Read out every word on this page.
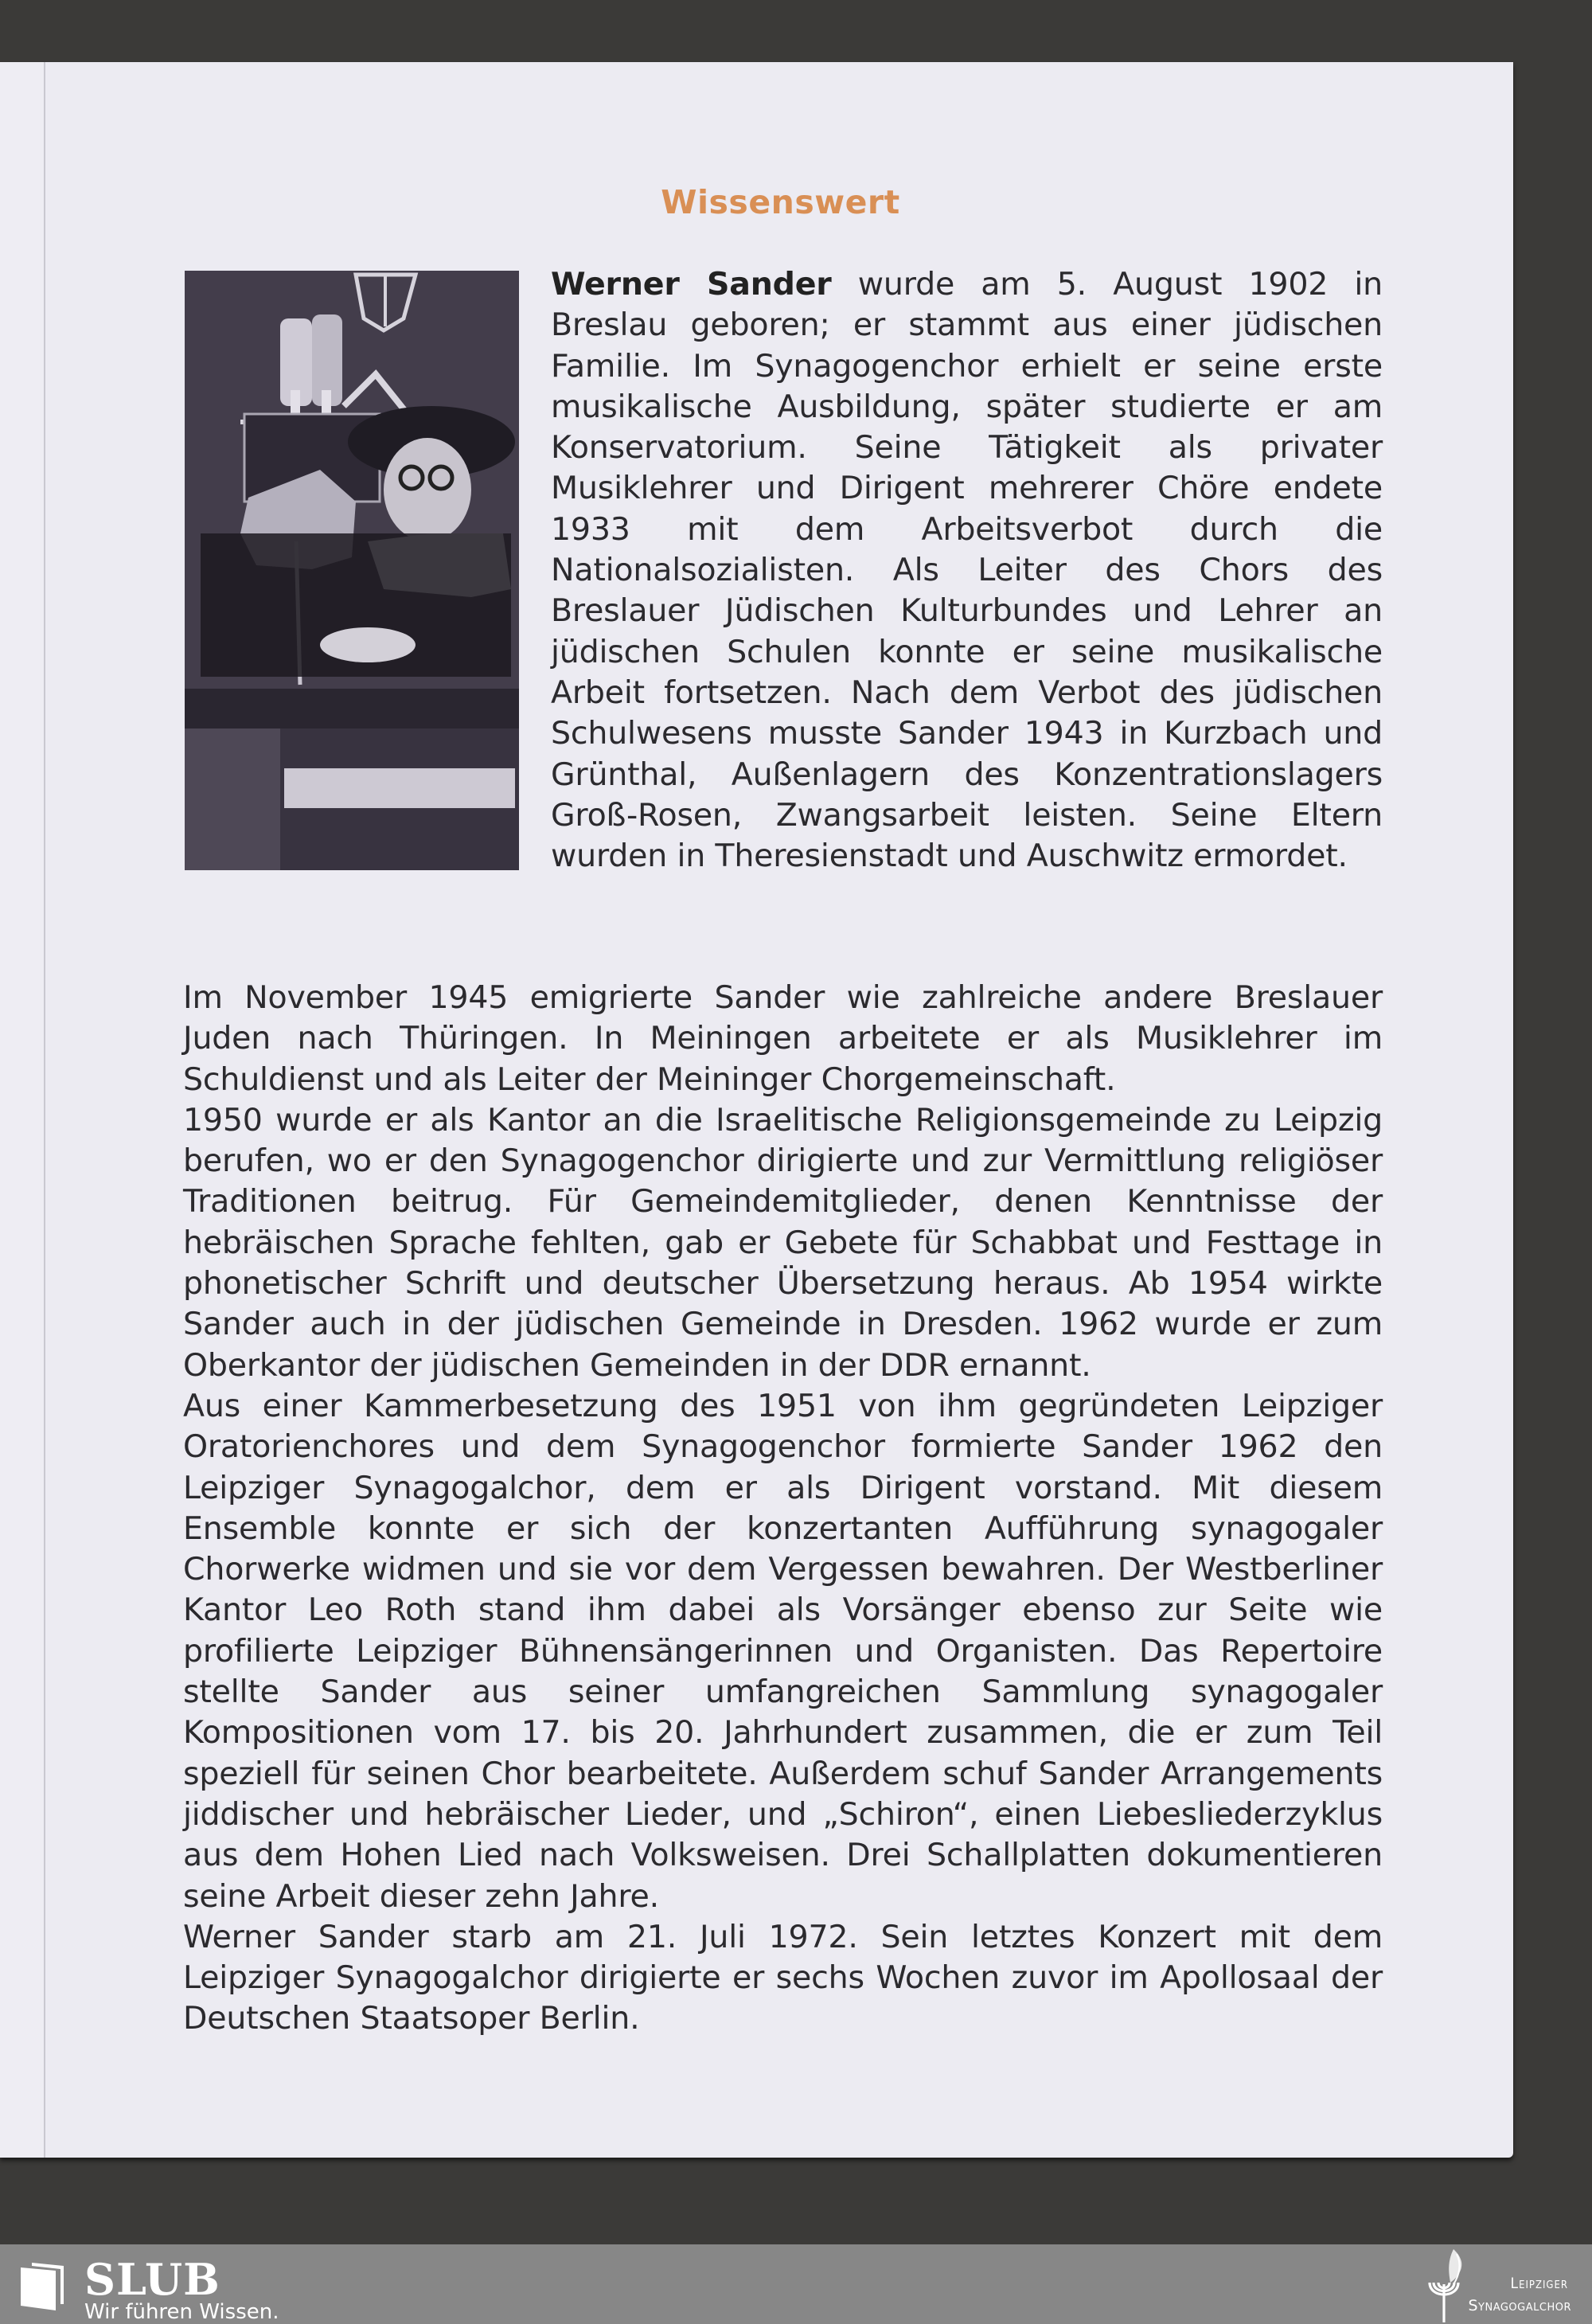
Wissenswert

Werner Sander wurde am 5. August 1902 in Breslau geboren; er stammt aus einer jüdischen Familie. Im Synagogenchor erhielt er seine erste musikalische Ausbildung, später studierte er am Konservatorium. Seine Tätigkeit als privater Musiklehrer und Dirigent mehrerer Chöre endete 1933 mit dem Arbeitsverbot durch die Nationalsozialisten. Als Leiter des Chors des Breslauer Jüdischen Kulturbundes und Lehrer an jüdischen Schulen konnte er seine musikalische Arbeit fortsetzen. Nach dem Verbot des jüdischen Schulwesens musste Sander 1943 in Kurzbach und Grünthal, Außenlagern des Konzentrationslagers Groß-Rosen, Zwangsarbeit leisten. Seine Eltern wurden in Theresienstadt und Auschwitz ermordet.

Im November 1945 emigrierte Sander wie zahlreiche andere Breslauer Juden nach Thüringen. In Meiningen arbeitete er als Musiklehrer im Schuldienst und als Leiter der Meininger Chorgemeinschaft.

1950 wurde er als Kantor an die Israelitische Religionsgemeinde zu Leipzig berufen, wo er den Synagogenchor dirigierte und zur Vermittlung religiöser Traditionen beitrug. Für Gemeindemitglieder, denen Kenntnisse der hebräischen Sprache fehlten, gab er Gebete für Schabbat und Festtage in phonetischer Schrift und deutscher Übersetzung heraus. Ab 1954 wirkte Sander auch in der jüdischen Gemeinde in Dresden. 1962 wurde er zum Oberkantor der jüdischen Gemeinden in der DDR ernannt.

Aus einer Kammerbesetzung des 1951 von ihm gegründeten Leipziger Oratorienchores und dem Synagogenchor formierte Sander 1962 den Leipziger Synagogalchor, dem er als Dirigent vorstand. Mit diesem Ensemble konnte er sich der konzertanten Aufführung synagogaler Chorwerke widmen und sie vor dem Vergessen bewahren. Der Westberliner Kantor Leo Roth stand ihm dabei als Vorsänger ebenso zur Seite wie profilierte Leipziger Bühnensängerinnen und Organisten. Das Repertoire stellte Sander aus seiner umfangreichen Sammlung synagogaler Kompositionen vom 17. bis 20. Jahrhundert zusammen, die er zum Teil speziell für seinen Chor bearbeitete. Außerdem schuf Sander Arrangements jiddischer und hebräischer Lieder, und „Schiron“, einen Liebesliederzyklus aus dem Hohen Lied nach Volksweisen. Drei Schallplatten dokumentieren seine Arbeit dieser zehn Jahre.

Werner Sander starb am 21. Juli 1972. Sein letztes Konzert mit dem Leipziger Synagogalchor dirigierte er sechs Wochen zuvor im Apollosaal der Deutschen Staatsoper Berlin.

SLUB
Wir führen Wissen.
Leipziger
Synagogalchor
